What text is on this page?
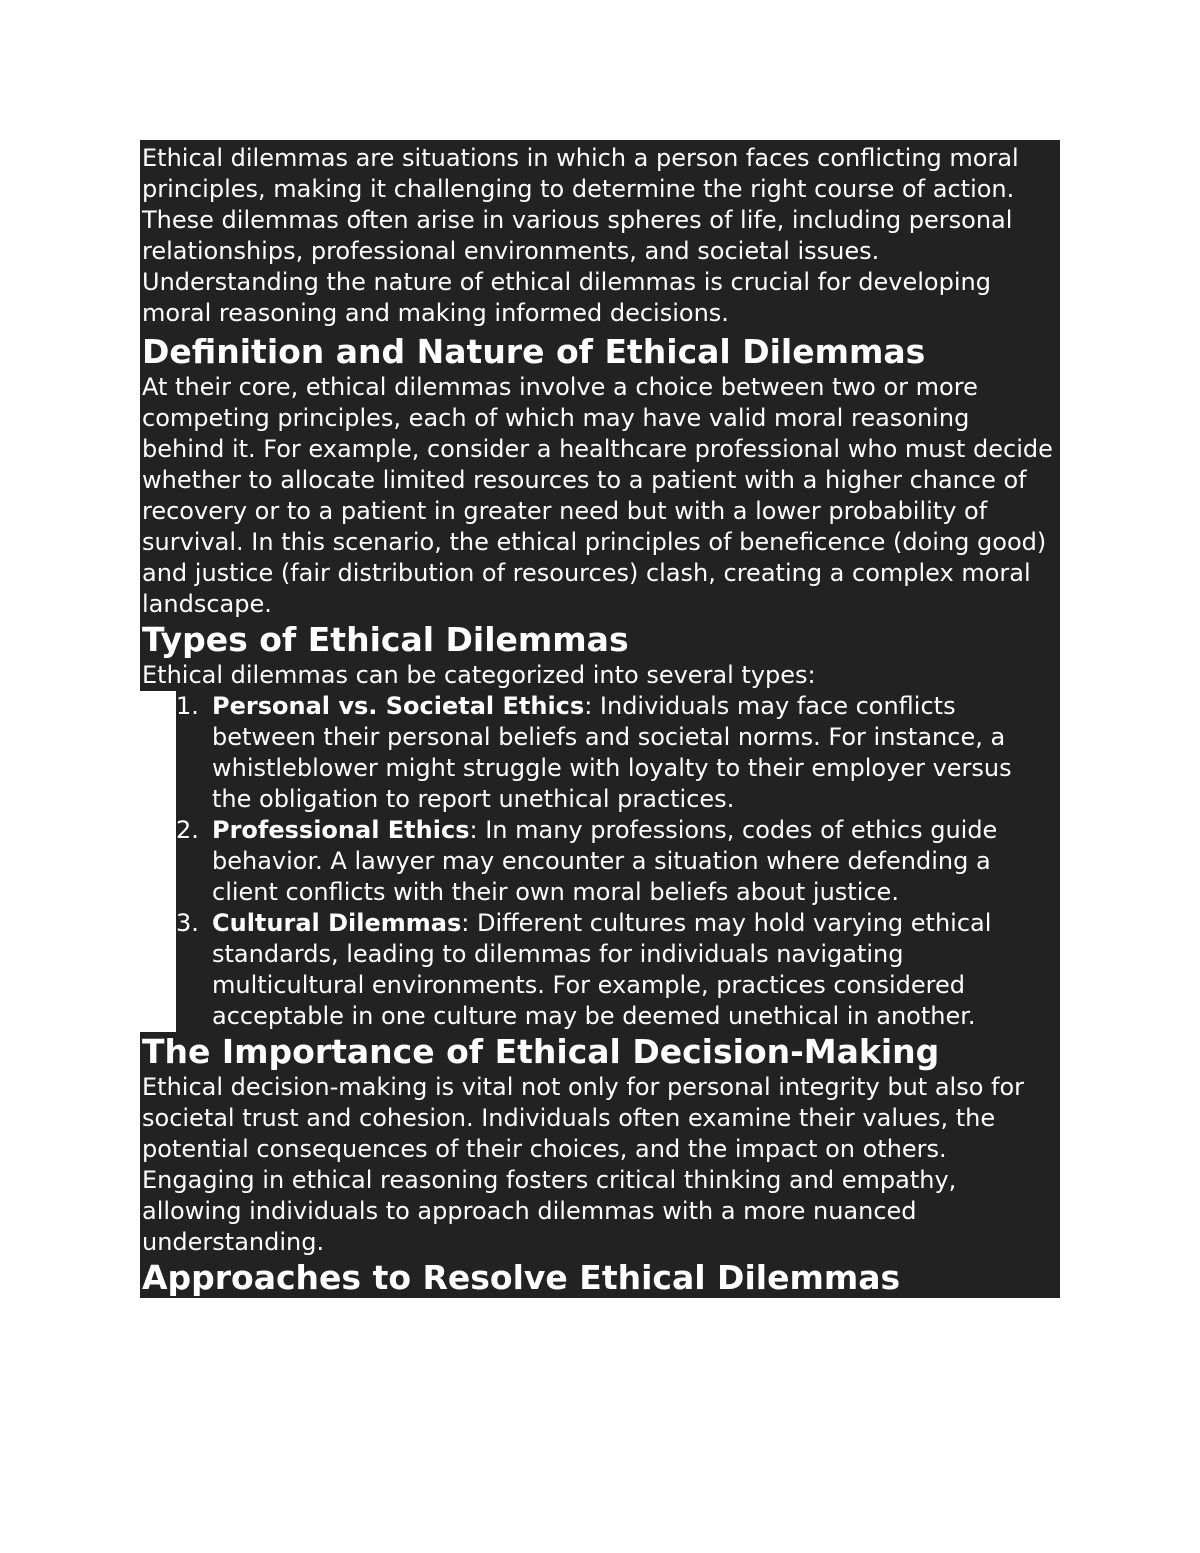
Ethical dilemmas are situations in which a person faces conflicting moral principles, making it challenging to determine the right course of action. These dilemmas often arise in various spheres of life, including personal relationships, professional environments, and societal issues. Understanding the nature of ethical dilemmas is crucial for developing moral reasoning and making informed decisions.

Definition and Nature of Ethical Dilemmas

At their core, ethical dilemmas involve a choice between two or more competing principles, each of which may have valid moral reasoning behind it. For example, consider a healthcare professional who must decide whether to allocate limited resources to a patient with a higher chance of recovery or to a patient in greater need but with a lower probability of survival. In this scenario, the ethical principles of beneficence (doing good) and justice (fair distribution of resources) clash, creating a complex moral landscape.

Types of Ethical Dilemmas

Ethical dilemmas can be categorized into several types:

1. Personal vs. Societal Ethics: Individuals may face conflicts between their personal beliefs and societal norms. For instance, a whistleblower might struggle with loyalty to their employer versus the obligation to report unethical practices.
2. Professional Ethics: In many professions, codes of ethics guide behavior. A lawyer may encounter a situation where defending a client conflicts with their own moral beliefs about justice.
3. Cultural Dilemmas: Different cultures may hold varying ethical standards, leading to dilemmas for individuals navigating multicultural environments. For example, practices considered acceptable in one culture may be deemed unethical in another.
The Importance of Ethical Decision-Making

Ethical decision-making is vital not only for personal integrity but also for societal trust and cohesion. Individuals often examine their values, the potential consequences of their choices, and the impact on others. Engaging in ethical reasoning fosters critical thinking and empathy, allowing individuals to approach dilemmas with a more nuanced understanding.

Approaches to Resolve Ethical Dilemmas
